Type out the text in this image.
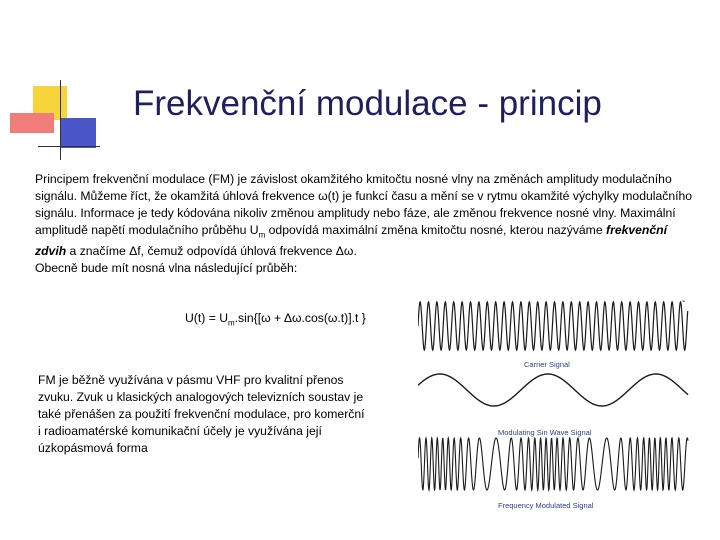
Frekvenční modulace - princip

Principem frekvenční modulace (FM) je závislost okamžitého kmitočtu nosné vlny na změnách amplitudy modulačního signálu. Můžeme říct, že okamžitá úhlová frekvence ω(t) je funkcí času a mění se v rytmu okamžité výchylky modulačního signálu. Informace je tedy kódována nikoliv změnou amplitudy nebo fáze, ale změnou frekvence nosné vlny. Maximální amplitudě napětí modulačního průběhu $U_m$ odpovídá maximální změna kmitočtu nosné, kterou nazýváme frekvenční zdvih a značíme Δf, čemuž odpovídá úhlová frekvence Δω.

Obecně bude mít nosná vlna následující průběh:

$U(t) = U_m.\sin\{[\omega + \Delta\omega.\cos(\omega.t)].t$ }
-
FM je běžně využívána v pásmu VHF pro kvalitní přenos zvuku. Zvuk u klasických analogových televizních soustav je také přenášen za použití frekvenční modulace, pro komerční i radioamatérské komunikační účely je využívána její úzkopásmová forma
Carrier Signal
Modulating Sin Wave Signal
Frequency Modulated Signal
